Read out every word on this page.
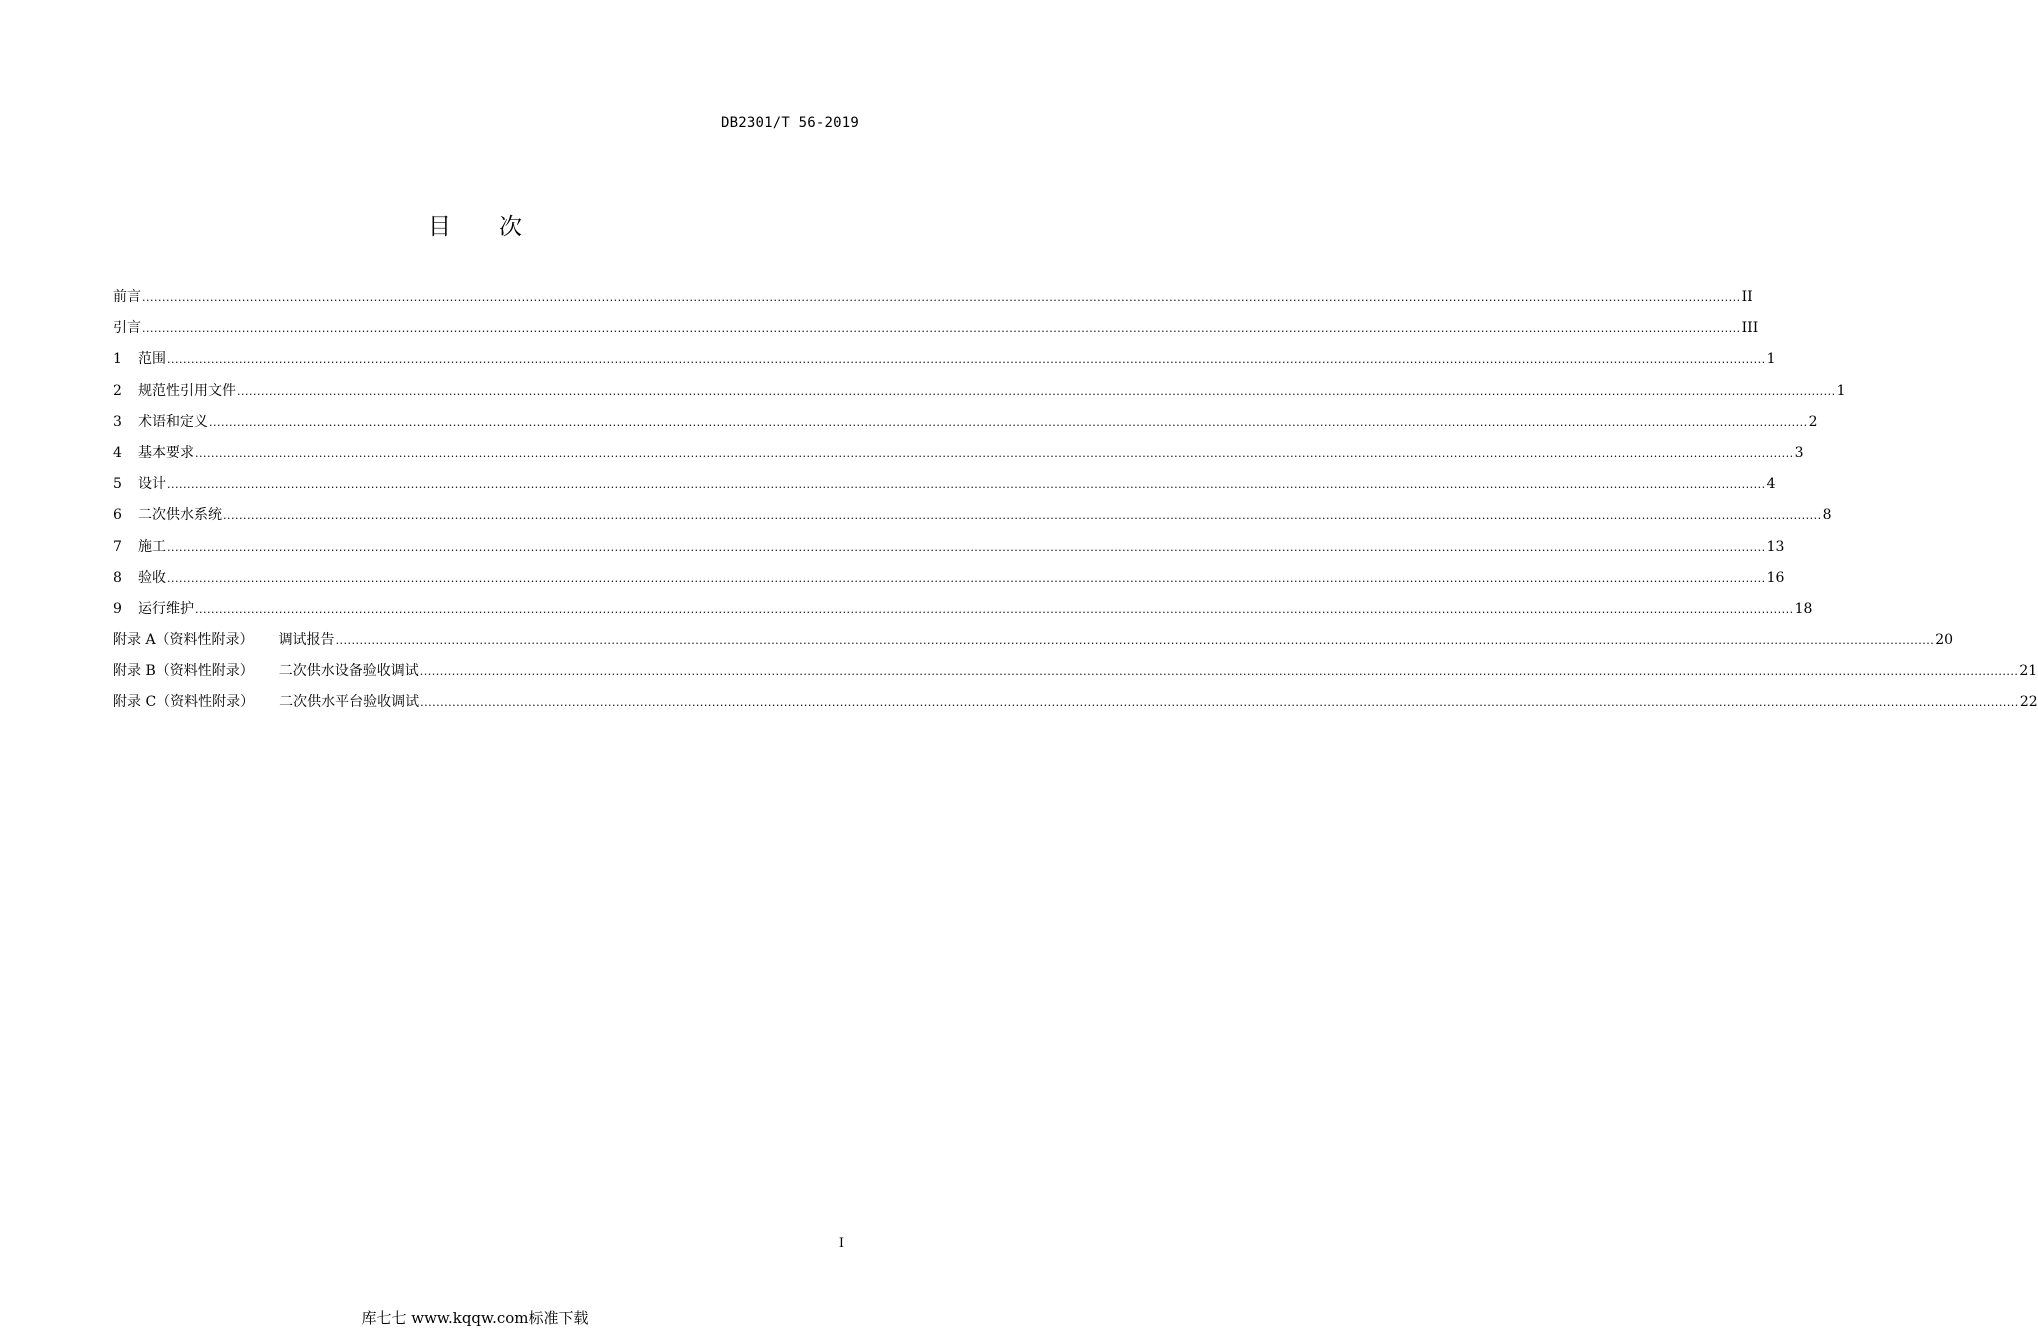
DB2301/T 56-2019
目次
前言 ................................................................................................................................................................................................................................................................................................................................................................................................................ II
引言 ................................................................................................................................................................................................................................................................................................................................................................................................................ III
1	范围 ................................................................................................................................................................................................................................................................................................................................................................................................................ 1
2	规范性引用文件 ................................................................................................................................................................................................................................................................................................................................................................................................................ 1
3	术语和定义 ................................................................................................................................................................................................................................................................................................................................................................................................................ 2
4	基本要求 ................................................................................................................................................................................................................................................................................................................................................................................................................ 3
5	设计 ................................................................................................................................................................................................................................................................................................................................................................................................................ 4
6	二次供水系统 ................................................................................................................................................................................................................................................................................................................................................................................................................ 8
7	施工 ................................................................................................................................................................................................................................................................................................................................................................................................................ 13
8	验收 ................................................................................................................................................................................................................................................................................................................................................................................................................ 16
9	运行维护 ................................................................................................................................................................................................................................................................................................................................................................................................................ 18
附录 A（资料性附录） 调试报告 ................................................................................................................................................................................................................................................................................................................................................................................................................ 20
附录 B（资料性附录） 二次供水设备验收调试 ................................................................................................................................................................................................................................................................................................................................................................................................................ 21
附录 C（资料性附录） 二次供水平台验收调试 ................................................................................................................................................................................................................................................................................................................................................................................................................ 22
I
库七七 www.kqqw.com标准下载
